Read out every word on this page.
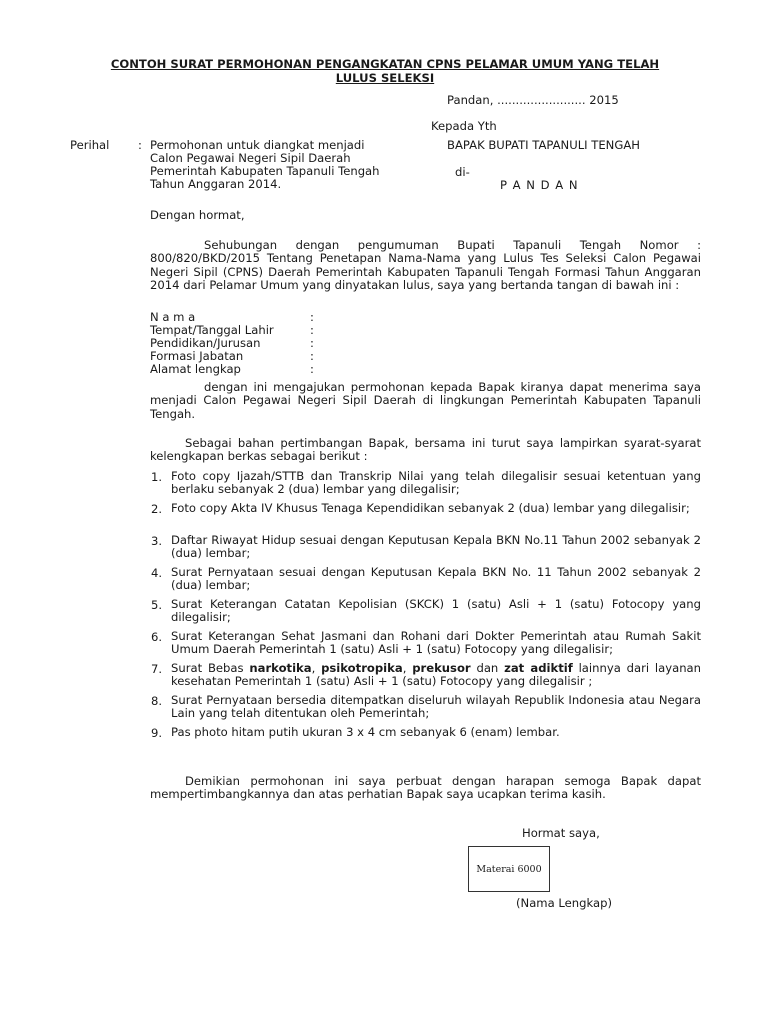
CONTOH SURAT PERMOHONAN PENGANGKATAN CPNS PELAMAR UMUM YANG TELAH LULUS SELEKSI
Pandan, ........................ 2015
Kepada Yth
BAPAK BUPATI TAPANULI TENGAH
di-
P A N D A N
Perihal : Permohonan untuk diangkat menjadi
Calon Pegawai Negeri Sipil Daerah
Pemerintah Kabupaten Tapanuli Tengah
Tahun Anggaran 2014.
Dengan hormat,
Sehubungan dengan pengumuman Bupati Tapanuli Tengah Nomor : 800/820/BKD/2015 Tentang Penetapan Nama-Nama yang Lulus Tes Seleksi Calon Pegawai Negeri Sipil (CPNS) Daerah Pemerintah Kabupaten Tapanuli Tengah Formasi Tahun Anggaran 2014 dari Pelamar Umum yang dinyatakan lulus, saya yang bertanda tangan di bawah ini :
N a m a	:
Tempat/Tanggal Lahir	:
Pendidikan/Jurusan	:
Formasi Jabatan	:
Alamat lengkap	:
dengan ini mengajukan permohonan kepada Bapak kiranya dapat menerima saya menjadi Calon Pegawai Negeri Sipil Daerah di lingkungan Pemerintah Kabupaten Tapanuli Tengah.
Sebagai bahan pertimbangan Bapak, bersama ini turut saya lampirkan syarat-syarat kelengkapan berkas sebagai berikut :
1. Foto copy Ijazah/STTB dan Transkrip Nilai yang telah dilegalisir sesuai ketentuan yang berlaku sebanyak 2 (dua) lembar yang dilegalisir;
2. Foto copy Akta IV Khusus Tenaga Kependidikan sebanyak 2 (dua) lembar yang dilegalisir;
3. Daftar Riwayat Hidup sesuai dengan Keputusan Kepala BKN No.11 Tahun 2002 sebanyak 2 (dua) lembar;
4. Surat Pernyataan sesuai dengan Keputusan Kepala BKN No. 11 Tahun 2002 sebanyak 2 (dua) lembar;
5. Surat Keterangan Catatan Kepolisian (SKCK) 1 (satu) Asli + 1 (satu) Fotocopy yang dilegalisir;
6. Surat Keterangan Sehat Jasmani dan Rohani dari Dokter Pemerintah atau Rumah Sakit Umum Daerah Pemerintah 1 (satu) Asli + 1 (satu) Fotocopy yang dilegalisir;
7. Surat Bebas narkotika, psikotropika, prekusor dan zat adiktif lainnya dari layanan kesehatan Pemerintah 1 (satu) Asli + 1 (satu) Fotocopy yang dilegalisir ;
8. Surat Pernyataan bersedia ditempatkan diseluruh wilayah Republik Indonesia atau Negara Lain yang telah ditentukan oleh Pemerintah;
9. Pas photo hitam putih ukuran 3 x 4 cm sebanyak 6 (enam) lembar.
Demikian permohonan ini saya perbuat dengan harapan semoga Bapak dapat mempertimbangkannya dan atas perhatian Bapak saya ucapkan terima kasih.
Hormat saya,
Materai 6000
(Nama Lengkap)
